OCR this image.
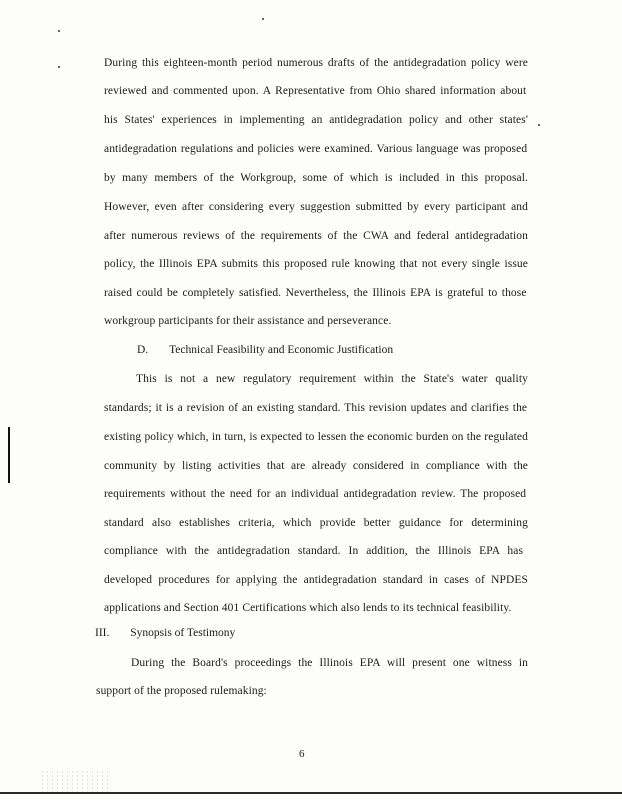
During this eighteen-month period numerous drafts of the antidegradation policy were
reviewed and commented upon. A Representative from Ohio shared information about
his States' experiences in implementing an antidegradation policy and other states'
antidegradation regulations and policies were examined. Various language was proposed
by many members of the Workgroup, some of which is included in this proposal.
However, even after considering every suggestion submitted by every participant and
after numerous reviews of the requirements of the CWA and federal antidegradation
policy, the Illinois EPA submits this proposed rule knowing that not every single issue
raised could be completely satisfied. Nevertheless, the Illinois EPA is grateful to those
workgroup participants for their assistance and perseverance.
D. Technical Feasibility and Economic Justification
This is not a new regulatory requirement within the State's water quality
standards; it is a revision of an existing standard. This revision updates and clarifies the
existing policy which, in turn, is expected to lessen the economic burden on the regulated
community by listing activities that are already considered in compliance with the
requirements without the need for an individual antidegradation review. The proposed
standard also establishes criteria, which provide better guidance for determining
compliance with the antidegradation standard. In addition, the Illinois EPA has
developed procedures for applying the antidegradation standard in cases of NPDES
applications and Section 401 Certifications which also lends to its technical feasibility.
III. Synopsis of Testimony
During the Board's proceedings the Illinois EPA will present one witness in
support of the proposed rulemaking:
6
